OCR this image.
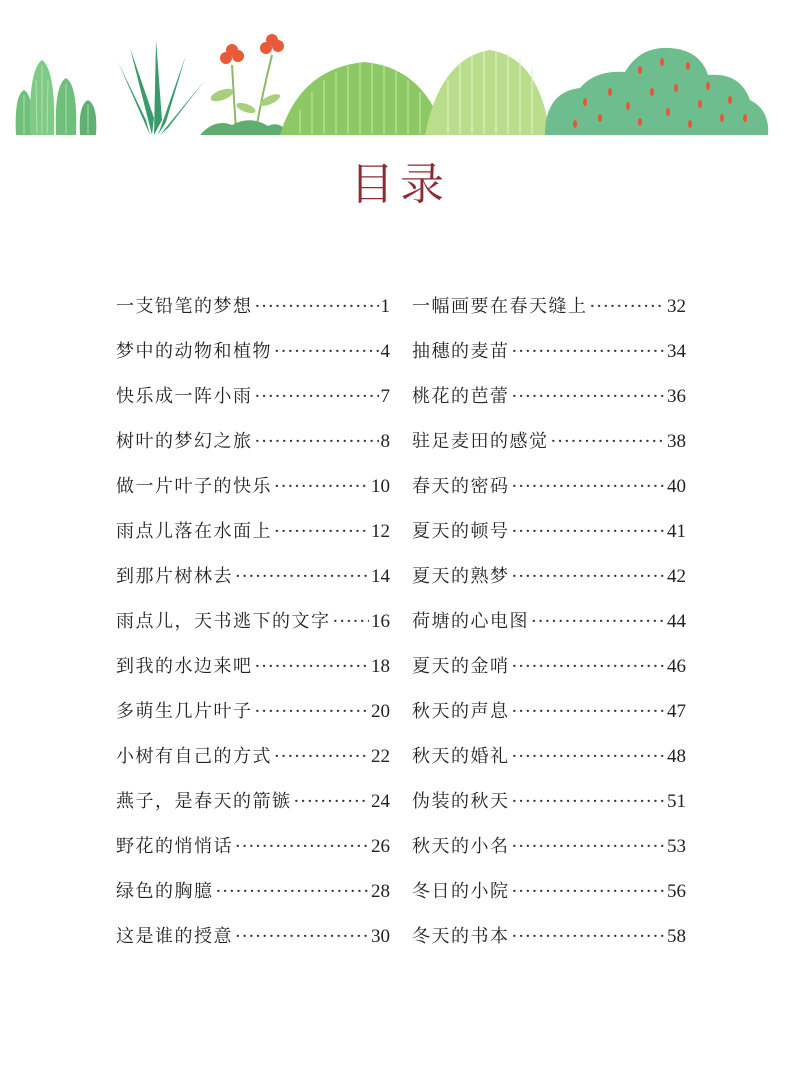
目录
一支铅笔的梦想 ·····	1
梦中的动物和植物 ·····	4
快乐成一阵小雨 ·····	7
树叶的梦幻之旅 ·····	8
做一片叶子的快乐 ·····	10
雨点儿落在水面上 ·····	12
到那片树林去 ·····	14
雨点儿，天书逃下的文字 ····· 16
到我的水边来吧 ·····	18
多萌生几片叶子 ·····	20
小树有自己的方式 ·····	22
燕子，是春天的箭镞 ·····	24
野花的悄悄话 ·····	26
绿色的胸臆 ·····	28
这是谁的授意 ·····	30
一幅画要在春天缝上 ·····	32
抽穗的麦苗 ·····	34
桃花的芭蕾 ·····	36
驻足麦田的感觉 ·····	38
春天的密码 ·····	40
夏天的顿号 ·····	41
夏天的熟梦 ·····	42
荷塘的心电图 ·····	44
夏天的金哨 ·····	46
秋天的声息 ·····	47
秋天的婚礼 ·····	48
伪装的秋天 ·····	51
秋天的小名 ·····	53
冬日的小院 ·····	56
冬天的书本 ·····	58
